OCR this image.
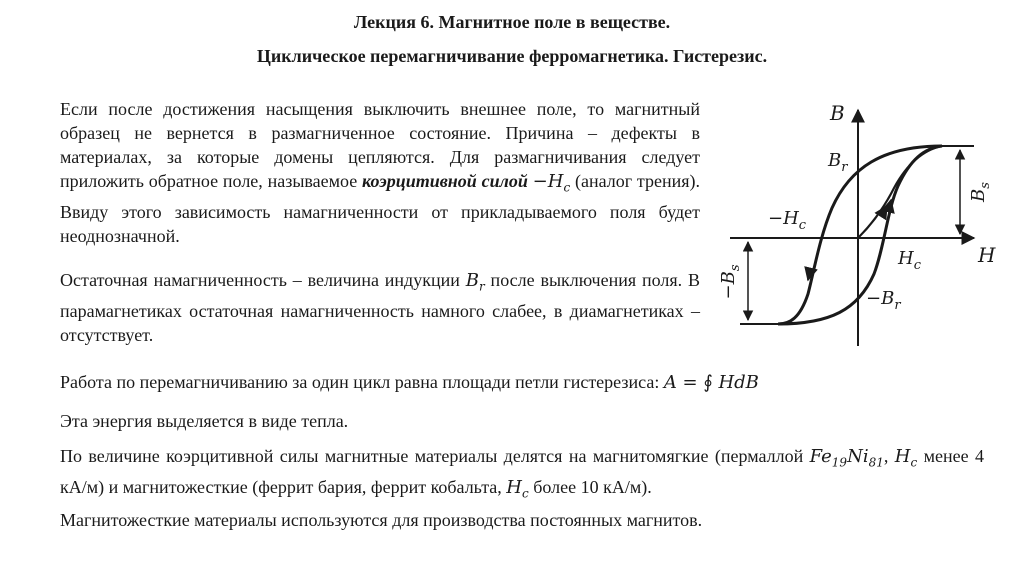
Лекция 6. Магнитное поле в веществе.
Циклическое перемагничивание ферромагнетика. Гистерезис.
Если после достижения насыщения выключить внешнее поле, то магнитный образец не вернется в размагниченное состояние. Причина – дефекты в материалах, за которые домены цепляются. Для размагничивания следует приложить обратное поле, называемое коэрцитивной силой $-H_c$ (аналог трения). Ввиду этого зависимость намагниченности от прикладываемого поля будет неоднозначной.
Остаточная намагниченность – величина индукции $B_r$ после выключения поля. В парамагнетиках остаточная намагниченность намного слабее, в диамагнетиках – отсутствует.
Работа по перемагничиванию за один цикл равна площади петли гистерезиса: A = ∮ HdB
Эта энергия выделяется в виде тепла.
По величине коэрцитивной силы магнитные материалы делятся на магнитомягкие (пермаллой $Fe_{19}Ni_{81}$, $H_c$ менее 4 кА/м) и магнитожесткие (феррит бария, феррит кобальта, $H_c$ более 10 кА/м).
Магнитожесткие материалы используются для производства постоянных магнитов.
B
H
$B_r$
$-H_c$
$H_c$
$-B_r$
$B_s$
$-B_s$
